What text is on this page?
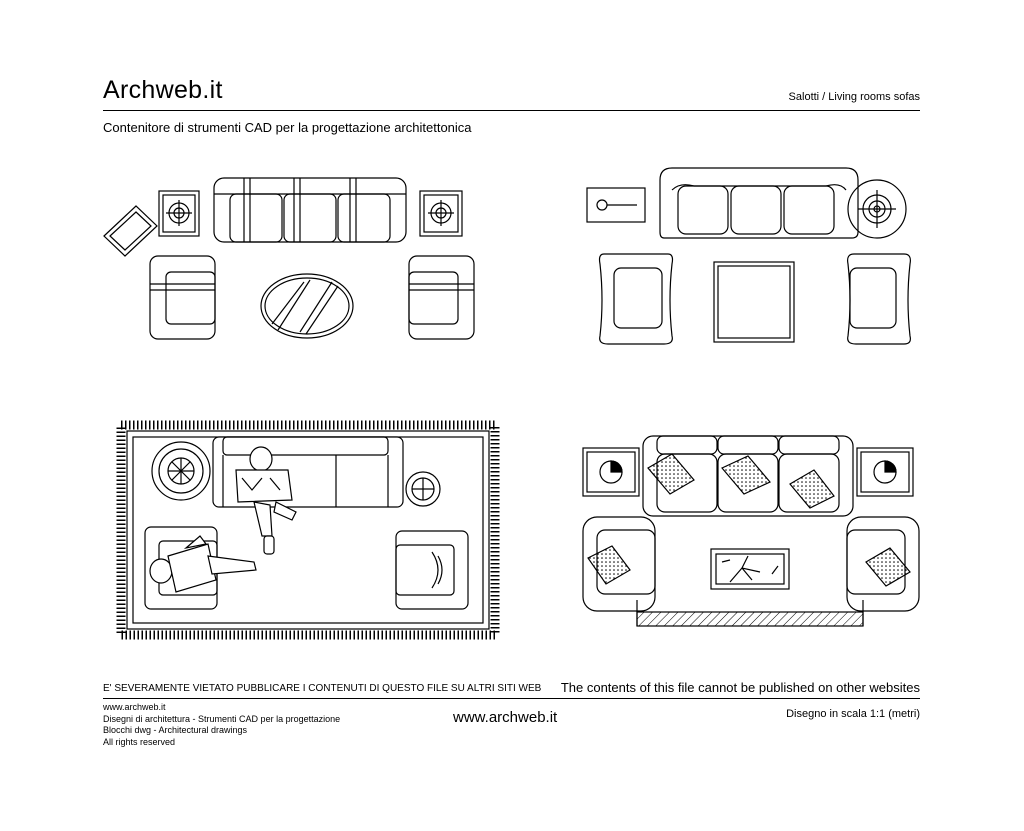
Archweb.it	Salotti / Living rooms sofas
Contenitore di strumenti CAD per la progettazione architettonica
E' SEVERAMENTE VIETATO PUBBLICARE I CONTENUTI DI QUESTO FILE SU ALTRI SITI WEB The contents of this file cannot be published on other websites
www.archweb.it
Disegni di architettura - Strumenti CAD per la progettazione
Blocchi dwg - Architectural drawings
All rights reserved
www.archweb.it	Disegno in scala 1:1 (metri)
